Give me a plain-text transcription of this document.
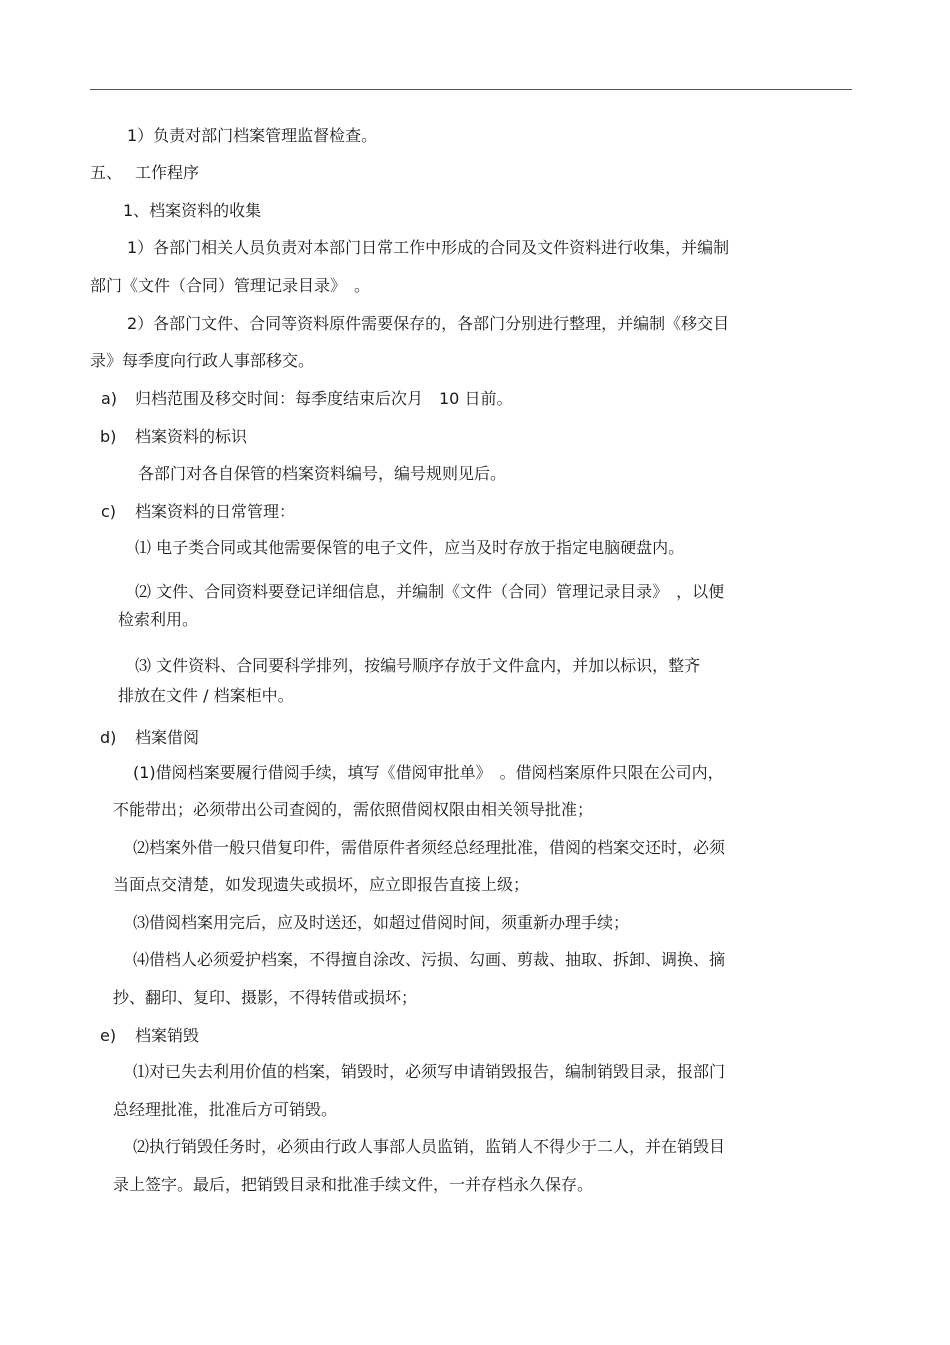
1）负责对部门档案管理监督检查。
五、 工作程序
1、档案资料的收集
1）各部门相关人员负责对本部门日常工作中形成的合同及文件资料进行收集，并编制
部门《文件（合同）管理记录目录》　。
2）各部门文件、合同等资料原件需要保存的，各部门分别进行整理，并编制《移交目
录》每季度向行政人事部移交。
a) 归档范围及移交时间：每季度结束后次月　10 日前。
b) 档案资料的标识
各部门对各自保管的档案资料编号，编号规则见后。
c) 档案资料的日常管理：
⑴ 电子类合同或其他需要保管的电子文件，应当及时存放于指定电脑硬盘内。
⑵ 文件、合同资料要登记详细信息，并编制《文件（合同）管理记录目录》　，以便
检索利用。
⑶ 文件资料、合同要科学排列，按编号顺序存放于文件盒内，并加以标识，整齐
排放在文件 / 档案柜中。
d) 档案借阅
(1)借阅档案要履行借阅手续，填写《借阅审批单》　。借阅档案原件只限在公司内，
不能带出；必须带出公司查阅的，需依照借阅权限由相关领导批准；
⑵档案外借一般只借复印件，需借原件者须经总经理批准，借阅的档案交还时，必须
当面点交清楚，如发现遗失或损坏，应立即报告直接上级；
⑶借阅档案用完后，应及时送还，如超过借阅时间，须重新办理手续；
⑷借档人必须爱护档案，不得擅自涂改、污损、勾画、剪裁、抽取、拆卸、调换、摘
抄、翻印、复印、摄影，不得转借或损坏；
e) 档案销毁
⑴对已失去利用价值的档案，销毁时，必须写申请销毁报告，编制销毁目录，报部门
总经理批准，批准后方可销毁。
⑵执行销毁任务时，必须由行政人事部人员监销，监销人不得少于二人，并在销毁目
录上签字。最后，把销毁目录和批准手续文件，一并存档永久保存。
